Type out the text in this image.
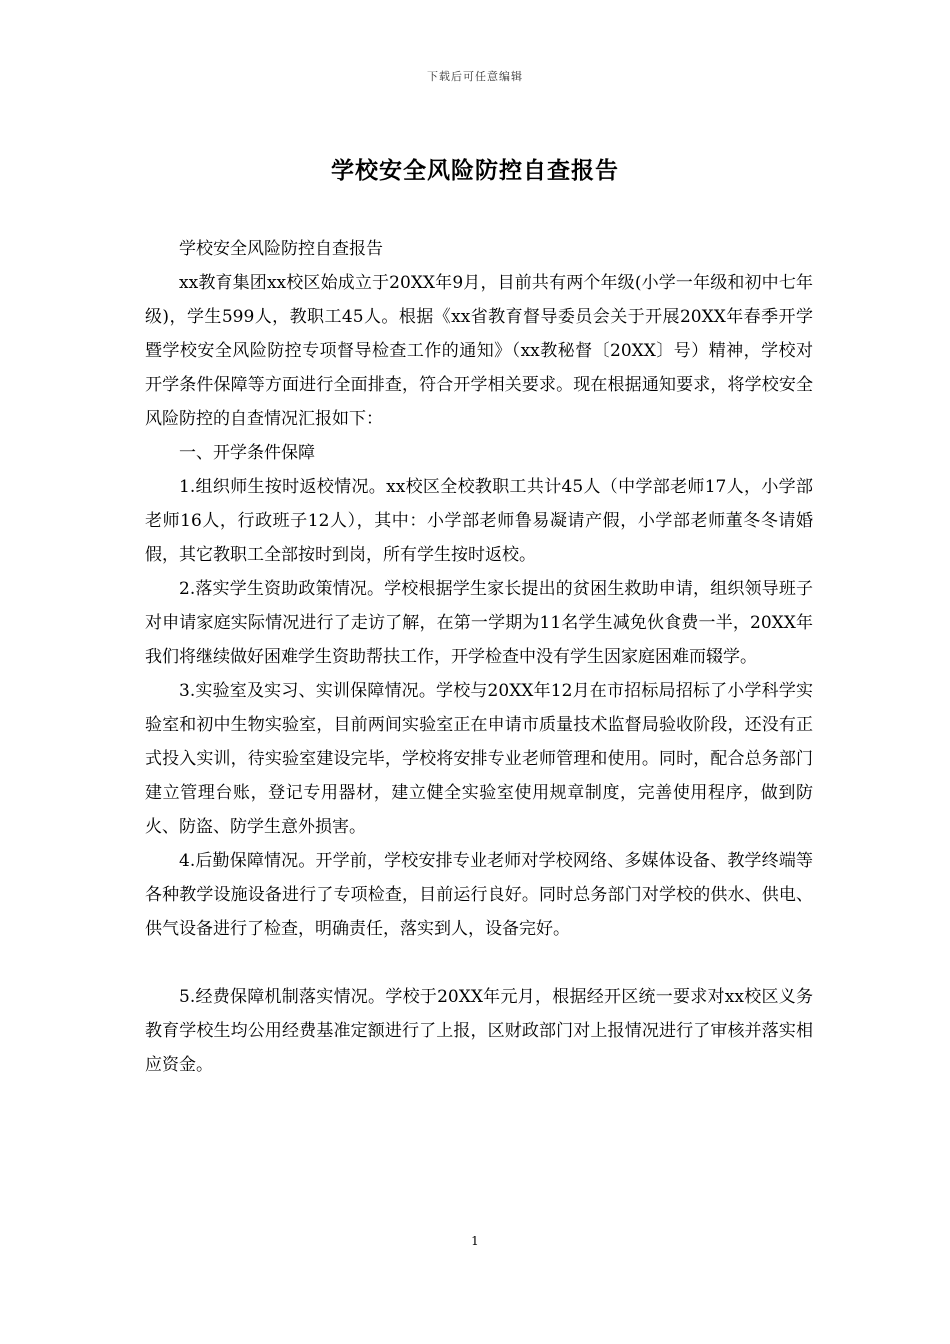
下载后可任意编辑
学校安全风险防控自查报告

学校安全风险防控自查报告

xx教育集团xx校区始成立于20XX年9月，目前共有两个年级(小学一年级和初中七年级)，学生599人，教职工45人。根据《xx省教育督导委员会关于开展20XX年春季开学暨学校安全风险防控专项督导检查工作的通知》（xx教秘督〔20XX〕号）精神，学校对开学条件保障等方面进行全面排查，符合开学相关要求。现在根据通知要求，将学校安全风险防控的自查情况汇报如下：

一、开学条件保障

1.组织师生按时返校情况。xx校区全校教职工共计45人（中学部老师17人，小学部老师16人，行政班子12人），其中：小学部老师鲁易凝请产假，小学部老师董冬冬请婚假，其它教职工全部按时到岗，所有学生按时返校。

2.落实学生资助政策情况。学校根据学生家长提出的贫困生救助申请，组织领导班子对申请家庭实际情况进行了走访了解，在第一学期为11名学生减免伙食费一半，20XX年我们将继续做好困难学生资助帮扶工作，开学检查中没有学生因家庭困难而辍学。

3.实验室及实习、实训保障情况。学校与20XX年12月在市招标局招标了小学科学实验室和初中生物实验室，目前两间实验室正在申请市质量技术监督局验收阶段，还没有正式投入实训，待实验室建设完毕，学校将安排专业老师管理和使用。同时，配合总务部门建立管理台账，登记专用器材，建立健全实验室使用规章制度，完善使用程序，做到防火、防盗、防学生意外损害。

4.后勤保障情况。开学前，学校安排专业老师对学校网络、多媒体设备、教学终端等各种教学设施设备进行了专项检查，目前运行良好。同时总务部门对学校的供水、供电、供气设备进行了检查，明确责任，落实到人，设备完好。

5.经费保障机制落实情况。学校于20XX年元月，根据经开区统一要求对xx校区义务教育学校生均公用经费基准定额进行了上报，区财政部门对上报情况进行了审核并落实相应资金。

1
